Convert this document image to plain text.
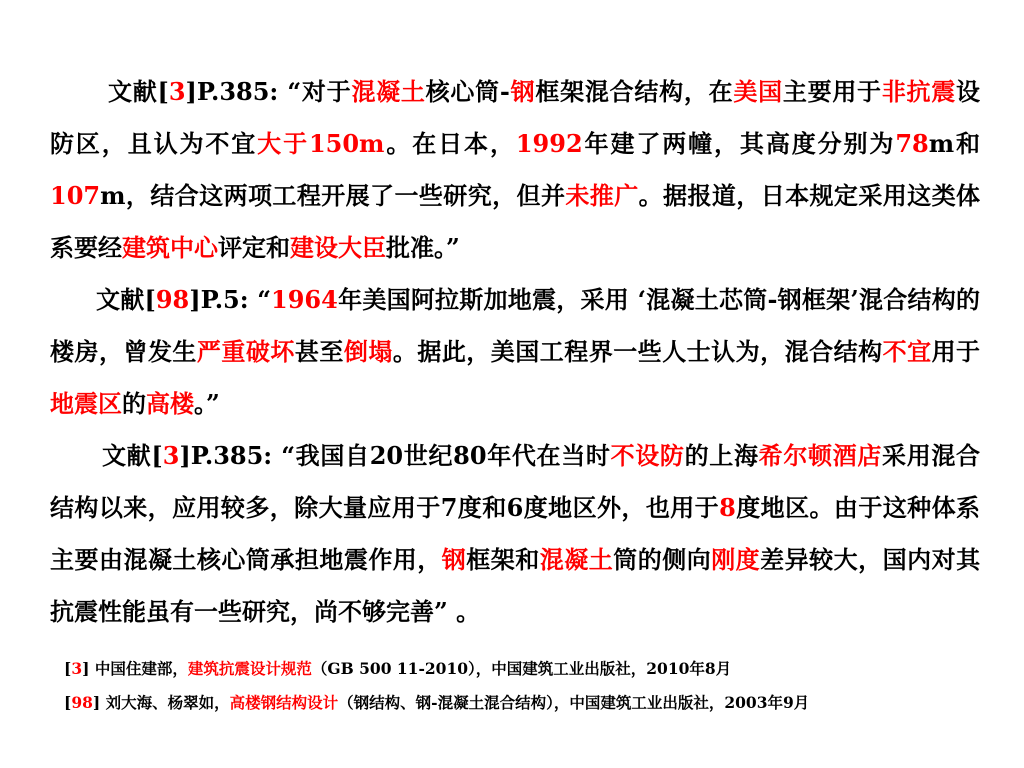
文献[3]P.385: “对于混凝土核心筒-钢框架混合结构，在美国主要用于非抗震设防区，且认为不宜大于150m。在日本，1992年建了两幢，其高度分别为78m和107m，结合这两项工程开展了一些研究，但并未推广。据报道，日本规定采用这类体系要经建筑中心评定和建设大臣批准。”

文献[98]P.5: “1964年美国阿拉斯加地震，采用 ‘混凝土芯筒-钢框架’混合结构的楼房，曾发生严重破坏甚至倒塌。据此，美国工程界一些人士认为，混合结构不宜用于地震区的高楼。”

文献[3]P.385: “我国自20世纪80年代在当时不设防的上海希尔顿酒店采用混合结构以来，应用较多，除大量应用于7度和6度地区外，也用于8度地区。由于这种体系主要由混凝土核心筒承担地震作用，钢框架和混凝土筒的侧向刚度差异较大，国内对其抗震性能虽有一些研究，尚不够完善” 。

[3] 中国住建部，建筑抗震设计规范（GB 500 11-2010），中国建筑工业出版社，2010年8月
[98] 刘大海、杨翠如，高楼钢结构设计（钢结构、钢-混凝土混合结构），中国建筑工业出版社，2003年9月
